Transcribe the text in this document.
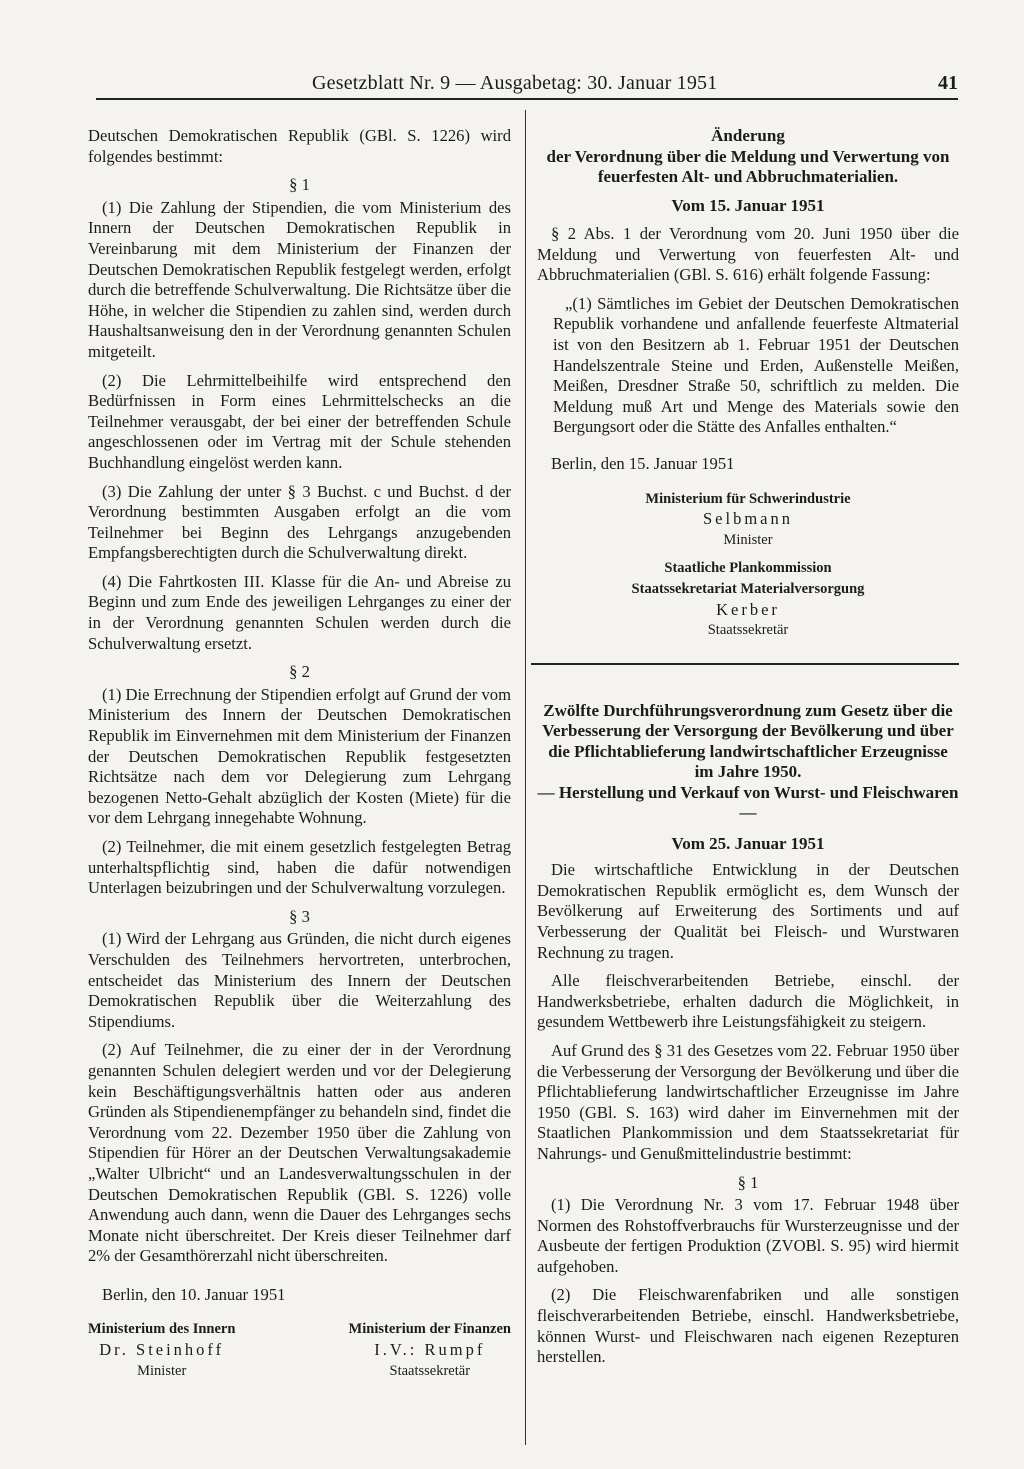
Gesetzblatt Nr. 9 — Ausgabetag: 30. Januar 1951	41

Deutschen Demokratischen Republik (GBl. S. 1226) wird folgendes bestimmt:

§ 1

(1) Die Zahlung der Stipendien, die vom Ministerium des Innern der Deutschen Demokratischen Republik in Vereinbarung mit dem Ministerium der Finanzen der Deutschen Demokratischen Republik festgelegt werden, erfolgt durch die betreffende Schulverwaltung. Die Richtsätze über die Höhe, in welcher die Stipendien zu zahlen sind, werden durch Haushaltsanweisung den in der Verordnung genannten Schulen mitgeteilt.

(2) Die Lehrmittelbeihilfe wird entsprechend den Bedürfnissen in Form eines Lehrmittelschecks an die Teilnehmer verausgabt, der bei einer der betreffenden Schule angeschlossenen oder im Vertrag mit der Schule stehenden Buchhandlung eingelöst werden kann.

(3) Die Zahlung der unter § 3 Buchst. c und Buchst. d der Verordnung bestimmten Ausgaben erfolgt an die vom Teilnehmer bei Beginn des Lehrgangs anzugebenden Empfangsberechtigten durch die Schulverwaltung direkt.

(4) Die Fahrtkosten III. Klasse für die An- und Abreise zu Beginn und zum Ende des jeweiligen Lehrganges zu einer der in der Verordnung genannten Schulen werden durch die Schulverwaltung ersetzt.

§ 2

(1) Die Errechnung der Stipendien erfolgt auf Grund der vom Ministerium des Innern der Deutschen Demokratischen Republik im Einvernehmen mit dem Ministerium der Finanzen der Deutschen Demokratischen Republik festgesetzten Richtsätze nach dem vor Delegierung zum Lehrgang bezogenen Netto-Gehalt abzüglich der Kosten (Miete) für die vor dem Lehrgang innegehabte Wohnung.

(2) Teilnehmer, die mit einem gesetzlich festgelegten Betrag unterhaltspflichtig sind, haben die dafür notwendigen Unterlagen beizubringen und der Schulverwaltung vorzulegen.

§ 3

(1) Wird der Lehrgang aus Gründen, die nicht durch eigenes Verschulden des Teilnehmers hervortreten, unterbrochen, entscheidet das Ministerium des Innern der Deutschen Demokratischen Republik über die Weiterzahlung des Stipendiums.

(2) Auf Teilnehmer, die zu einer der in der Verordnung genannten Schulen delegiert werden und vor der Delegierung kein Beschäftigungsverhältnis hatten oder aus anderen Gründen als Stipendienempfänger zu behandeln sind, findet die Verordnung vom 22. Dezember 1950 über die Zahlung von Stipendien für Hörer an der Deutschen Verwaltungsakademie „Walter Ulbricht“ und an Landesverwaltungsschulen in der Deutschen Demokratischen Republik (GBl. S. 1226) volle Anwendung auch dann, wenn die Dauer des Lehrganges sechs Monate nicht überschreitet. Der Kreis dieser Teilnehmer darf 2% der Gesamthörerzahl nicht überschreiten.

Berlin, den 10. Januar 1951

Ministerium des Innern
Dr. Steinhoff
Minister
Ministerium der Finanzen
I.V.: Rumpf
Staatssekretär
Änderung
der Verordnung über die Meldung und Verwertung von feuerfesten Alt- und Abbruchmaterialien.
Vom 15. Januar 1951

§ 2 Abs. 1 der Verordnung vom 20. Juni 1950 über die Meldung und Verwertung von feuerfesten Alt- und Abbruchmaterialien (GBl. S. 616) erhält folgende Fassung:

„(1) Sämtliches im Gebiet der Deutschen Demokratischen Republik vorhandene und anfallende feuerfeste Altmaterial ist von den Besitzern ab 1. Februar 1951 der Deutschen Handelszentrale Steine und Erden, Außenstelle Meißen, Meißen, Dresdner Straße 50, schriftlich zu melden. Die Meldung muß Art und Menge des Materials sowie den Bergungsort oder die Stätte des Anfalles enthalten.“

Berlin, den 15. Januar 1951

Ministerium für Schwerindustrie
Selbmann
Minister
Staatliche Plankommission
Staatssekretariat Materialversorgung
Kerber
Staatssekretär
Zwölfte Durchführungsverordnung zum Gesetz über die Verbesserung der Versorgung der Bevölkerung und über die Pflichtablieferung landwirtschaftlicher Erzeugnisse im Jahre 1950.
— Herstellung und Verkauf von Wurst- und Fleischwaren —
Vom 25. Januar 1951

Die wirtschaftliche Entwicklung in der Deutschen Demokratischen Republik ermöglicht es, dem Wunsch der Bevölkerung auf Erweiterung des Sortiments und auf Verbesserung der Qualität bei Fleisch- und Wurstwaren Rechnung zu tragen.

Alle fleischverarbeitenden Betriebe, einschl. der Handwerksbetriebe, erhalten dadurch die Möglichkeit, in gesundem Wettbewerb ihre Leistungsfähigkeit zu steigern.

Auf Grund des § 31 des Gesetzes vom 22. Februar 1950 über die Verbesserung der Versorgung der Bevölkerung und über die Pflichtablieferung landwirtschaftlicher Erzeugnisse im Jahre 1950 (GBl. S. 163) wird daher im Einvernehmen mit der Staatlichen Plankommission und dem Staatssekretariat für Nahrungs- und Genußmittelindustrie bestimmt:

§ 1

(1) Die Verordnung Nr. 3 vom 17. Februar 1948 über Normen des Rohstoffverbrauchs für Wursterzeugnisse und der Ausbeute der fertigen Produktion (ZVOBl. S. 95) wird hiermit aufgehoben.

(2) Die Fleischwarenfabriken und alle sonstigen fleischverarbeitenden Betriebe, einschl. Handwerksbetriebe, können Wurst- und Fleischwaren nach eigenen Rezepturen herstellen.
